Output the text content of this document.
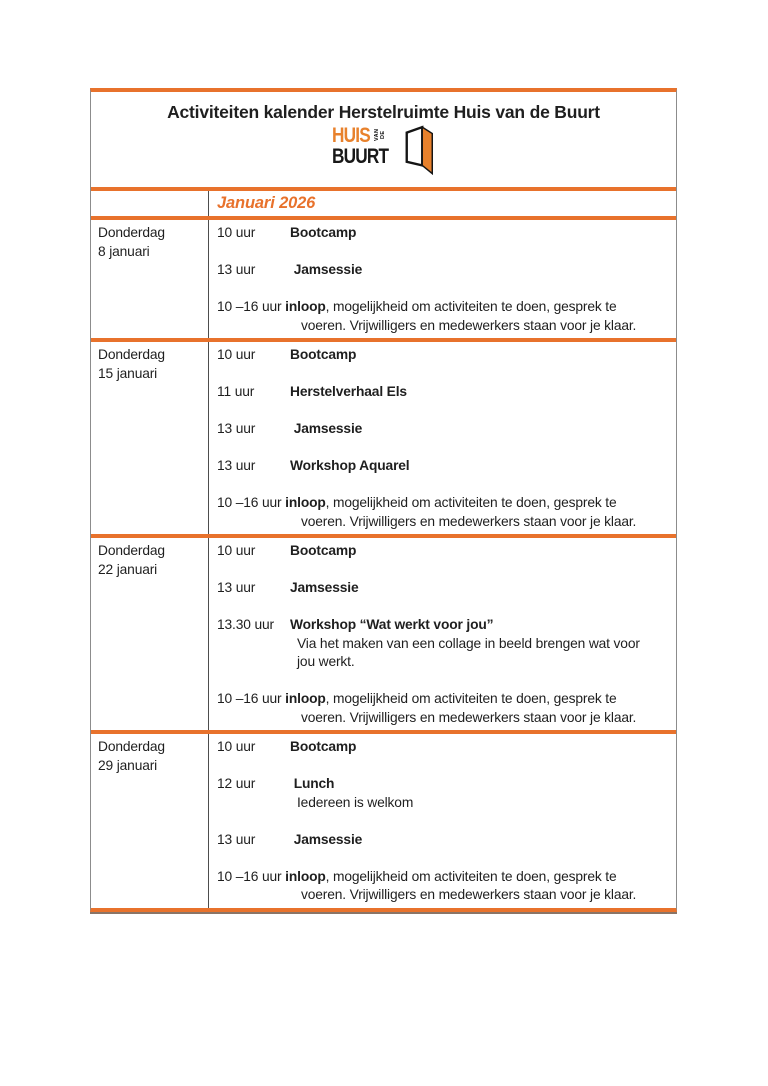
Activiteiten kalender Herstelruimte Huis van de Buurt
HUIS VAN DE
BUURT
Januari 2026
Donderdag
8 januari
10 uur	Bootcamp
13 uur	Jamsessie
10 –16 uur inloop, mogelijkheid om activiteiten te doen, gesprek te
voeren. Vrijwilligers en medewerkers staan voor je klaar.
Donderdag
15 januari
10 uur	Bootcamp
11 uur	Herstelverhaal Els
13 uur	Jamsessie
13 uur	Workshop Aquarel
10 –16 uur inloop, mogelijkheid om activiteiten te doen, gesprek te
voeren. Vrijwilligers en medewerkers staan voor je klaar.
Donderdag
22 januari
10 uur	Bootcamp
13 uur	Jamsessie
13.30 uur	Workshop “Wat werkt voor jou”
Via het maken van een collage in beeld brengen wat voor
jou werkt.
10 –16 uur inloop, mogelijkheid om activiteiten te doen, gesprek te
voeren. Vrijwilligers en medewerkers staan voor je klaar.
Donderdag
29 januari
10 uur	Bootcamp
12 uur	Lunch
Iedereen is welkom
13 uur	Jamsessie
10 –16 uur inloop, mogelijkheid om activiteiten te doen, gesprek te
voeren. Vrijwilligers en medewerkers staan voor je klaar.
